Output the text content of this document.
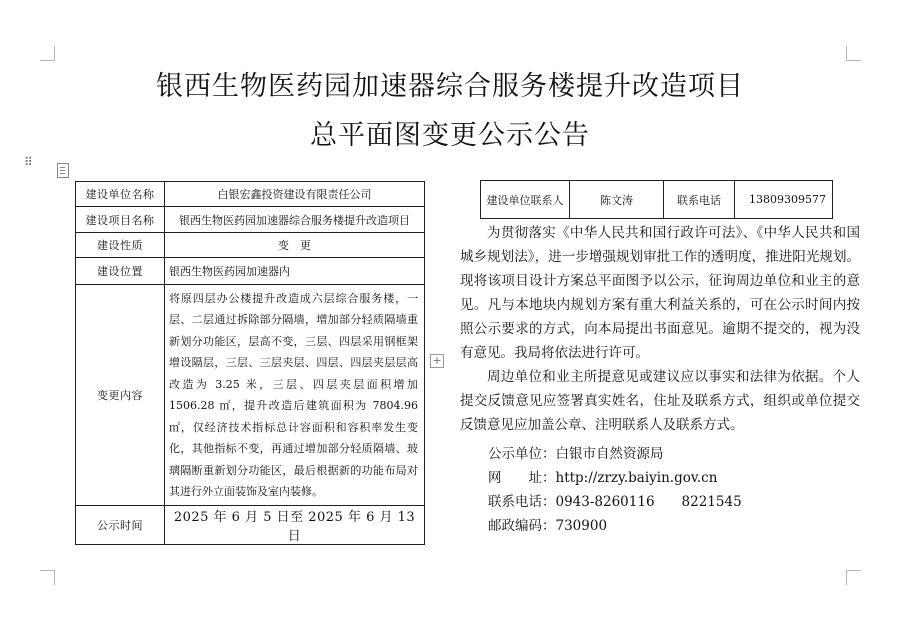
银西生物医药园加速器综合服务楼提升改造项目
总平面图变更公示公告
⠿
+
建设单位名称	白银宏鑫投资建设有限责任公司
建设项目名称	银西生物医药园加速器综合服务楼提升改造项目
建设性质	变　更
建设位置	银西生物医药园加速器内
变更内容	将原四层办公楼提升改造成六层综合服务楼，一层、二层通过拆除部分隔墙，增加部分轻质隔墙重新划分功能区，层高不变，三层、四层采用钢框架增设隔层，三层、三层夹层、四层、四层夹层层高改造为 3.25 米，三层、四层夹层面积增加 1506.28 ㎡，提升改造后建筑面积为 7804.96 ㎡，仅经济技术指标总计容面积和容积率发生变化，其他指标不变，再通过增加部分轻质隔墙、玻璃隔断重新划分功能区，最后根据新的功能布局对其进行外立面装饰及室内装修。
公示时间	2025 年 6 月 5 日至 2025 年 6 月 13 日
建设单位联系人	陈文涛	联系电话	13809309577

为贯彻落实《中华人民共和国行政许可法》、《中华人民共和国城乡规划法》，进一步增强规划审批工作的透明度，推进阳光规划。现将该项目设计方案总平面图予以公示，征询周边单位和业主的意见。凡与本地块内规划方案有重大利益关系的，可在公示时间内按照公示要求的方式，向本局提出书面意见。逾期不提交的，视为没有意见。我局将依法进行许可。

周边单位和业主所提意见或建议应以事实和法律为依据。个人提交反馈意见应签署真实姓名，住址及联系方式，组织或单位提交反馈意见应加盖公章、注明联系人及联系方式。

公示单位：白银市自然资源局
网　　址：http://zrzy.baiyin.gov.cn
联系电话：0943-8260116　　8221545
邮政编码：730900
